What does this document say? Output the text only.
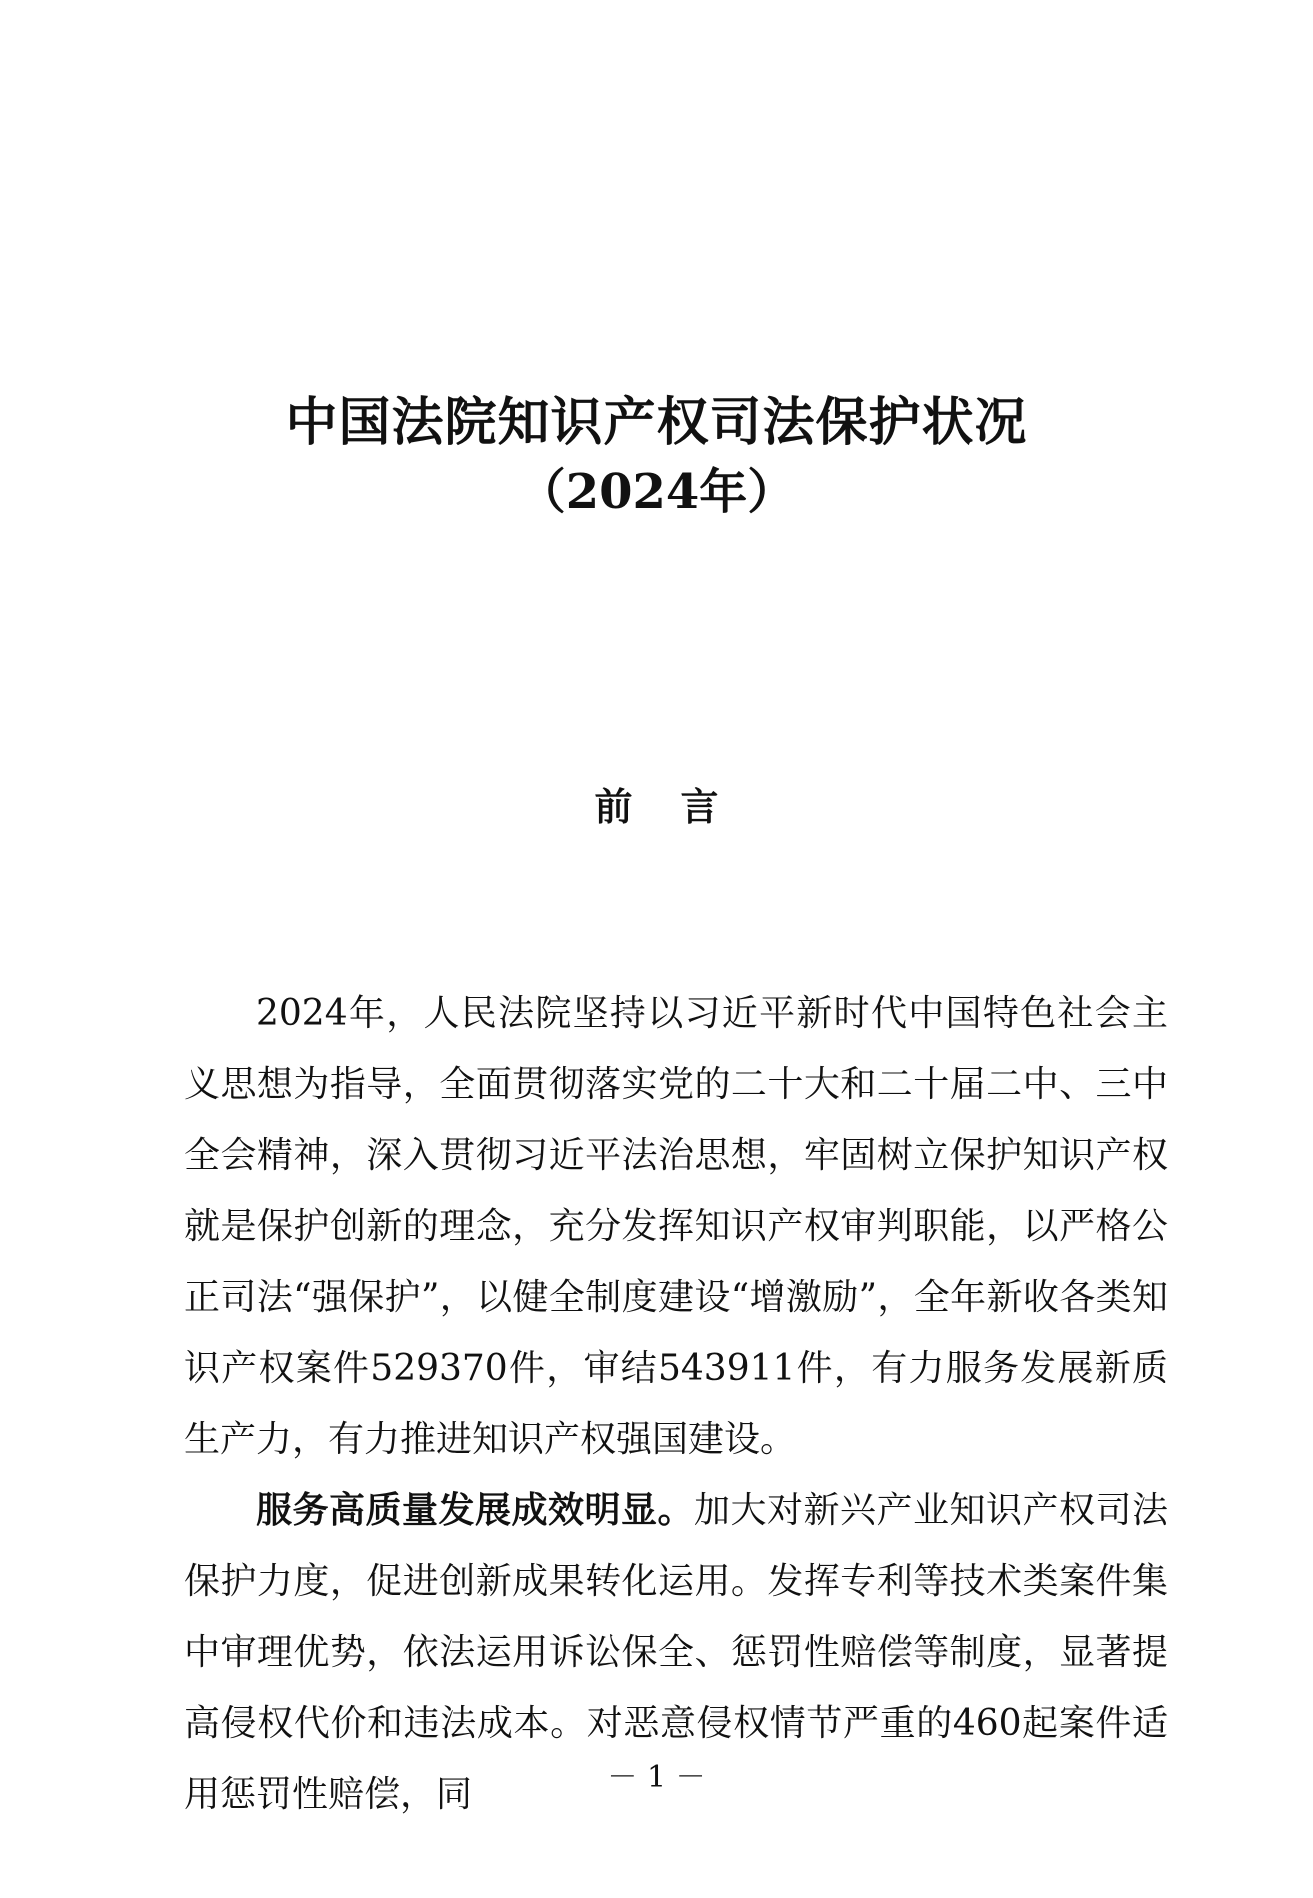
中国法院知识产权司法保护状况
（2024年）
前 言

2024年，人民法院坚持以习近平新时代中国特色社会主义思想为指导，全面贯彻落实党的二十大和二十届二中、三中全会精神，深入贯彻习近平法治思想，牢固树立保护知识产权就是保护创新的理念，充分发挥知识产权审判职能，以严格公正司法“强保护”，以健全制度建设“增激励”，全年新收各类知识产权案件529370件，审结543911件，有力服务发展新质生产力，有力推进知识产权强国建设。

服务高质量发展成效明显。加大对新兴产业知识产权司法保护力度，促进创新成果转化运用。发挥专利等技术类案件集中审理优势，依法运用诉讼保全、惩罚性赔偿等制度，显著提高侵权代价和违法成本。对恶意侵权情节严重的460起案件适用惩罚性赔偿，同	－ 1 －
